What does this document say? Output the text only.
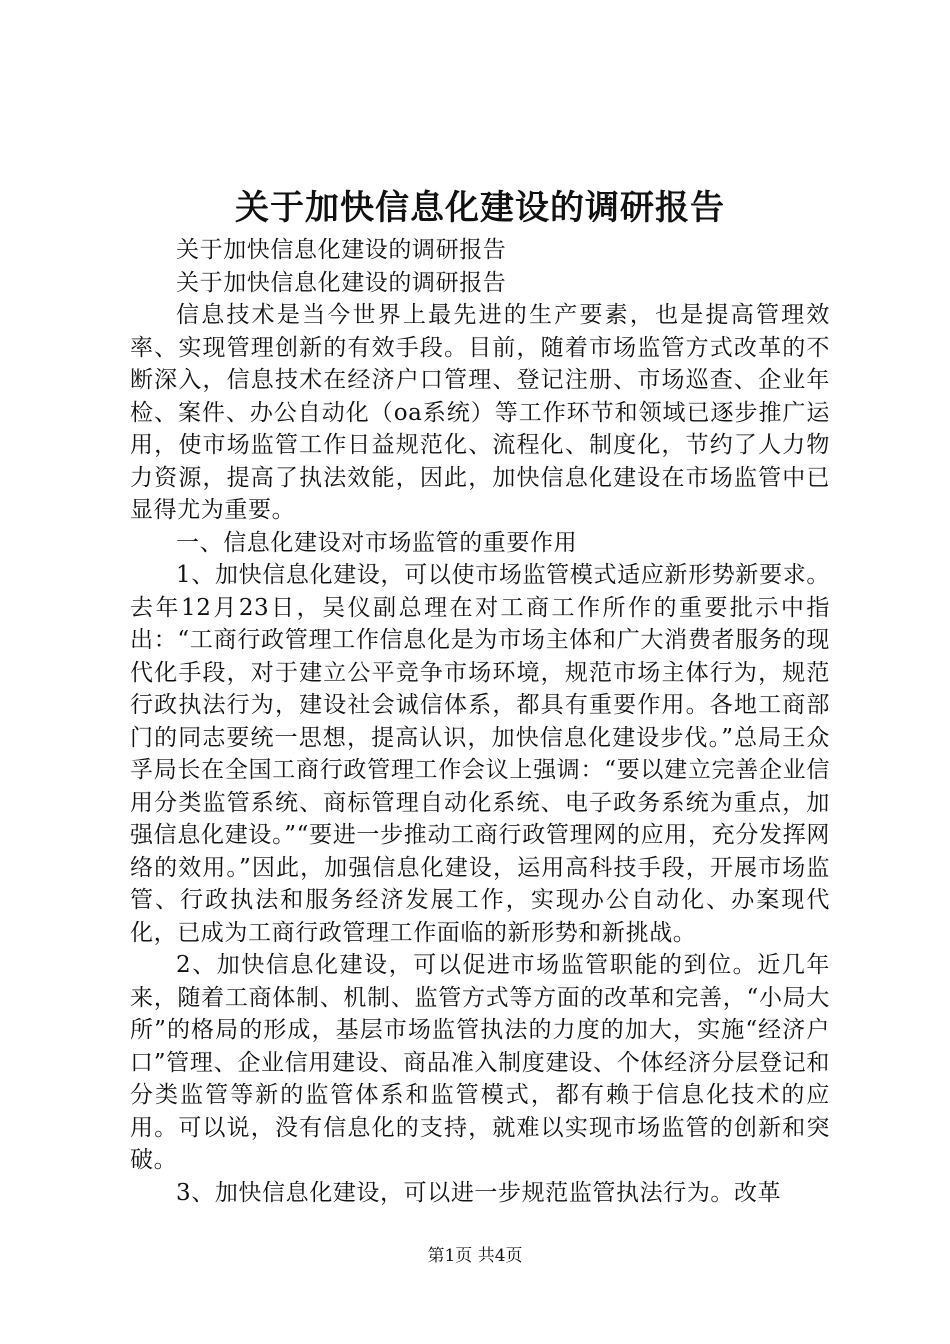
关于加快信息化建设的调研报告

关于加快信息化建设的调研报告

关于加快信息化建设的调研报告

信息技术是当今世界上最先进的生产要素，也是提高管理效率、实现管理创新的有效手段。目前，随着市场监管方式改革的不断深入，信息技术在经济户口管理、登记注册、市场巡查、企业年检、案件、办公自动化（oa系统）等工作环节和领域已逐步推广运用，使市场监管工作日益规范化、流程化、制度化，节约了人力物力资源，提高了执法效能，因此，加快信息化建设在市场监管中已显得尤为重要。

一、信息化建设对市场监管的重要作用

1、加快信息化建设，可以使市场监管模式适应新形势新要求。去年12月23日，吴仪副总理在对工商工作所作的重要批示中指出：“工商行政管理工作信息化是为市场主体和广大消费者服务的现代化手段，对于建立公平竞争市场环境，规范市场主体行为，规范行政执法行为，建设社会诚信体系，都具有重要作用。各地工商部门的同志要统一思想，提高认识，加快信息化建设步伐。”总局王众孚局长在全国工商行政管理工作会议上强调：“要以建立完善企业信用分类监管系统、商标管理自动化系统、电子政务系统为重点，加强信息化建设。”“要进一步推动工商行政管理网的应用，充分发挥网络的效用。”因此，加强信息化建设，运用高科技手段，开展市场监管、行政执法和服务经济发展工作，实现办公自动化、办案现代化，已成为工商行政管理工作面临的新形势和新挑战。

2、加快信息化建设，可以促进市场监管职能的到位。近几年来，随着工商体制、机制、监管方式等方面的改革和完善，“小局大所”的格局的形成，基层市场监管执法的力度的加大，实施“经济户口”管理、企业信用建设、商品准入制度建设、个体经济分层登记和分类监管等新的监管体系和监管模式，都有赖于信息化技术的应用。可以说，没有信息化的支持，就难以实现市场监管的创新和突破。

3、加快信息化建设，可以进一步规范监管执法行为。改革

第1页 共4页
